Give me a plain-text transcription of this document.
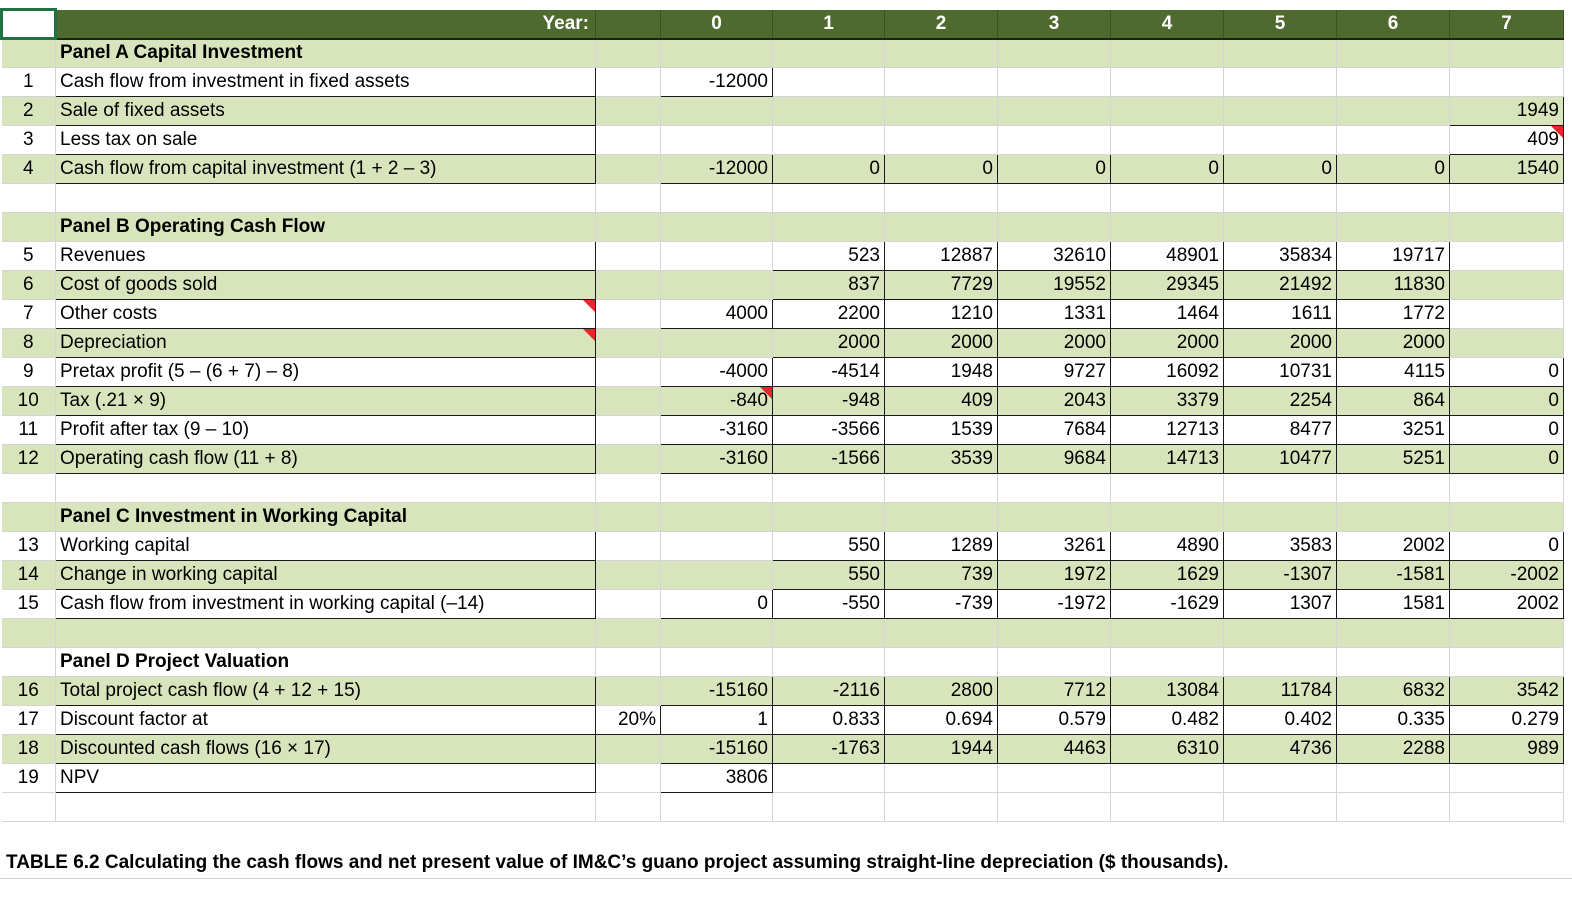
	Year:		0	1	2	3	4	5	6	7
	Panel A Capital Investment									
1	Cash flow from investment in fixed assets		-12000							
2	Sale of fixed assets									1949
3	Less tax on sale									409
4	Cash flow from capital investment (1 + 2 – 3)		-12000	0	0	0	0	0	0	1540

	Panel B Operating Cash Flow									
5	Revenues			523	12887	32610	48901	35834	19717	
6	Cost of goods sold			837	7729	19552	29345	21492	11830	
7	Other costs		4000	2200	1210	1331	1464	1611	1772	
8	Depreciation			2000	2000	2000	2000	2000	2000	
9	Pretax profit (5 – (6 + 7) – 8)		-4000	-4514	1948	9727	16092	10731	4115	0
10	Tax (.21 × 9)		-840	-948	409	2043	3379	2254	864	0
11	Profit after tax (9 – 10)		-3160	-3566	1539	7684	12713	8477	3251	0
12	Operating cash flow (11 + 8)		-3160	-1566	3539	9684	14713	10477	5251	0

	Panel C Investment in Working Capital									
13	Working capital			550	1289	3261	4890	3583	2002	0
14	Change in working capital			550	739	1972	1629	-1307	-1581	-2002
15	Cash flow from investment in working capital (–14)		0	-550	-739	-1972	-1629	1307	1581	2002

	Panel D Project Valuation									
16	Total project cash flow (4 + 12 + 15)		-15160	-2116	2800	7712	13084	11784	6832	3542
17	Discount factor at	20%	1	0.833	0.694	0.579	0.482	0.402	0.335	0.279
18	Discounted cash flows (16 × 17)		-15160	-1763	1944	4463	6310	4736	2288	989
19	NPV		3806							

TABLE 6.2 Calculating the cash flows and net present value of IM&C’s guano project assuming straight-line depreciation ($ thousands).
